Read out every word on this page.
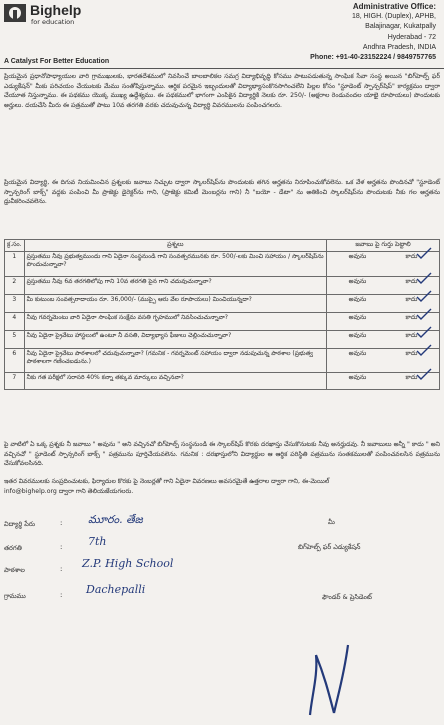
Bighelp
for education
A Catalyst For Better Education
Administrative Office:
18, HIGH. (Duplex), APHB,
Balajinagar, Kukatpally
Hyderabad - 72
Andhra Pradesh, INDIA
Phone: +91-40-23152224 / 9849757765
ప్రియమైన ప్రధానోపాధ్యాయుల వారి గ్రాముఖులకు, భారతదేశములో నివసించే బాలబాలికల సమగ్ర విద్యాభివృద్ధి కోసము పాటుపడుతున్న సాంఘిక సేవా సంస్థ అయిన "బిగ్‌హెల్ప్ ఫర్ ఎడ్యుకేషన్" మీకు పరిచయం చేయుటకు మేము సంతోషిస్తున్నాము. ఆర్థిక పరమైన ఇబ్బందులతో విద్యాభ్యాసంకొనసాగించలేని పిల్లల కోసం "స్టూడెంట్ స్పాన్సర్‌షిప్" కార్యక్రమం ద్వారా చేయూత నిస్తున్నాము. ఈ పథకము యొక్క ముఖ్య ఉద్దేశ్యము. ఈ పథకములో భాగంగా ఎంపికైన విద్యార్థికి నెలకు రూ. 250/- (అక్షరాల రెండువందల యాభై రూపాయలు) పొందుటకు అర్హులు. దయచేసి మీరు ఈ పత్రముతో పాటు 10వ తరగతి వరకు చదువుచున్న విద్యార్థి వివరములను పంపించగలరు.
ప్రియమైన విద్యార్థి, ఈ దిగువ నియమించిన ప్రశ్నలకు జవాబు నిచ్చుట ద్వారా స్కాలర్‌షిప్‌ను పొందుటకు తగిన అర్హతను నిరూపించుకోవలెను. ఒక వేళ అర్హతను పొందినచో "స్టూడెంట్ స్పాన్సరింగ్ బాక్స్" వద్దకు పంపించి మీ ప్రాజెక్టు డైరెక్టర్‌ను గాని, (ప్రాజెక్టు కమిటీ మెంబర్లను గాని) నీ "బయో - డేటా" ను అతికించి స్కాలర్‌షిప్‌ను పొందుటకు నీకు గల అర్హతను ధ్రువీకరించవలెను.
క్ర.సం.	ప్రశ్నలు	జవాబు పై గుర్తు పెట్టాలి
1	ప్రస్తుతము నీవు ప్రభుత్వముందు గాని ఏదైనా సంస్థనుండి గాని సంవత్సరమునకు రూ. 500/-లకు మించి సహాయం / స్కాలర్‌షిప్‌ను పొందుచున్నావా?	అవును కాదు

2	ప్రస్తుతము నీవు 6వ తరగతిలోపు గాని 10వ తరగతి పైన గాని చదువుచున్నావా?	అవును కాదు

3	మీ కుటుంబ సంవత్సరాదాయం రూ. 36,000/- (ముప్పై ఆరు వేల రూపాయలు) మించియున్నదా?	అవును కాదు

4	నీవు గవర్నమెంటు వారి ఏదైనా సాంఘిక సంక్షేమ వసతి గృహములో నివసించుచున్నావా?	అవును కాదు

5	నీవు ఏదైనా ప్రైవేటు హాస్టలులో ఉంటూ నీ వసతి, విద్యాభ్యాస ఫీజులు చెల్లించుచున్నావా?	అవును కాదు

6	నీవు ఏదైనా ప్రైవేటు పాఠశాలలో చదువుచున్నావా? (గమనిక - గవర్నమెంట్ సహాయం ద్వారా నడుపుచున్న పాఠశాల (ప్రభుత్వ పాఠశాలగా గణించబడును.)	అవును కాదు

7	నీకు గత పరీక్షలో సరాసరి 40% కన్నా తక్కువ మార్కులు వచ్చినవా?	అవును కాదు
పై వాటిలో ఏ ఒక్క ప్రశ్నకు నీ జవాబు " అవును " అని వచ్చినచో బిగ్‌హెల్ప్ సంస్థనుండి ఈ స్కాలర్‌షిప్ కొరకు దరఖాస్తు చేసుకొనుటకు నీవు అనర్హుడవు. నీ జవాబులు అన్నీ " కాదు " అని వచ్చినచో " స్టూడెంట్ స్పాన్సరింగ్ బాక్స్ " పత్రమును పూర్తిచేయవలెను. గమనిక : దరఖాస్తులోని విద్యార్థుల ఆ ఆర్థిక పరిస్థితి పత్రమును సంతకములతో పంపించవలసిన పత్రమును చేసుకోవలసినది.
ఇతర వివరములకు సంప్రదించుటకు, ఫిర్యాదుల కొరకు పై నెంబర్లతో గాని ఏదైనా వివరణలు అవసరమైతే ఉత్తరాల ద్వారా గాని, ఈ-మెయిల్
info@bighelp.org ద్వారా గాని తెలియజేయగలరు.
విద్యార్థి పేరు	: మూరం. తేజ
తరగతి	: 7th
పాఠశాల	: Z.P. High School
గ్రామము	: Dachepalli
మీ
బిగ్‌హెల్ప్ ఫర్ ఎడ్యుకేషన్
ఫౌండర్ & ప్రెసిడెంట్
